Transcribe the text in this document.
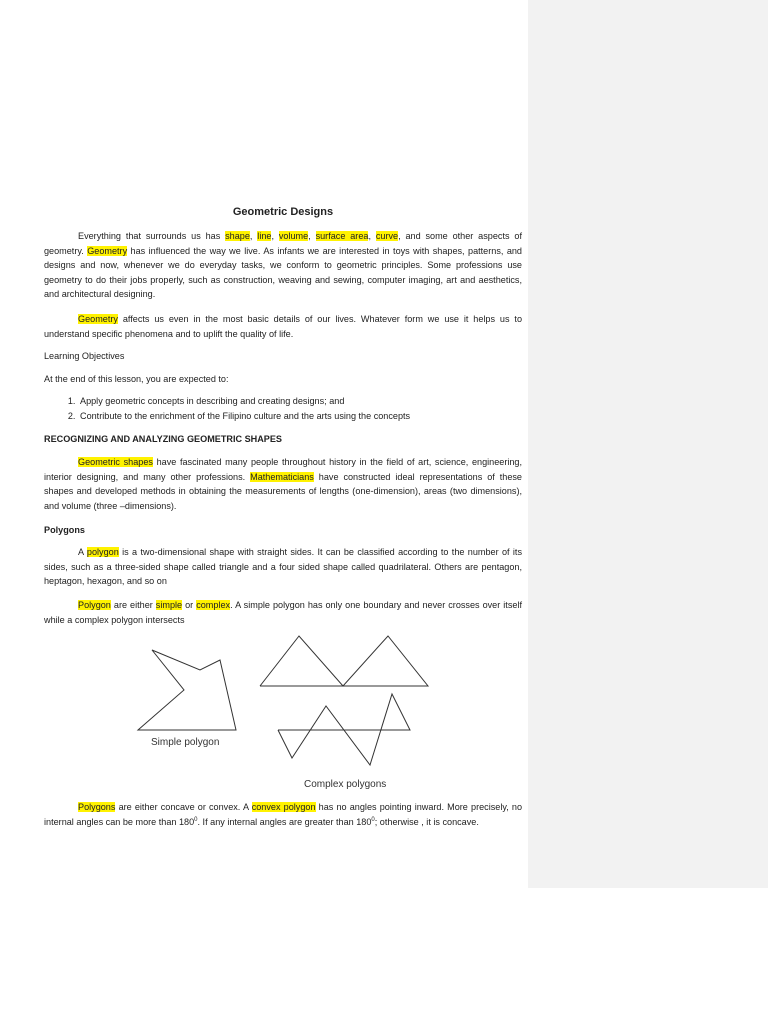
Geometric Designs

Everything that surrounds us has shape, line, volume, surface area, curve, and some other aspects of geometry. Geometry has influenced the way we live. As infants we are interested in toys with shapes, patterns, and designs and now, whenever we do everyday tasks, we conform to geometric principles. Some professions use geometry to do their jobs properly, such as construction, weaving and sewing, computer imaging, art and aesthetics, and architectural designing.

Geometry affects us even in the most basic details of our lives. Whatever form we use it helps us to understand specific phenomena and to uplift the quality of life.

Learning Objectives

At the end of this lesson, you are expected to:

1. Apply geometric concepts in describing and creating designs; and
2. Contribute to the enrichment of the Filipino culture and the arts using the concepts

RECOGNIZING AND ANALYZING GEOMETRIC SHAPES

Geometric shapes have fascinated many people throughout history in the field of art, science, engineering, interior designing, and many other professions. Mathematicians have constructed ideal representations of these shapes and developed methods in obtaining the measurements of lengths (one-dimension), areas (two dimensions), and volume (three –dimensions).

Polygons

A polygon is a two-dimensional shape with straight sides. It can be classified according to the number of its sides, such as a three-sided shape called triangle and a four sided shape called quadrilateral. Others are pentagon, heptagon, hexagon, and so on

Polygon are either simple or complex. A simple polygon has only one boundary and never crosses over itself while a complex polygon intersects

Polygons are either concave or convex. A convex polygon has no angles pointing inward. More precisely, no internal angles can be more than $180^0$. If any internal angles are greater than $180^0$; otherwise , it is concave.

Simple polygon
Complex polygons
